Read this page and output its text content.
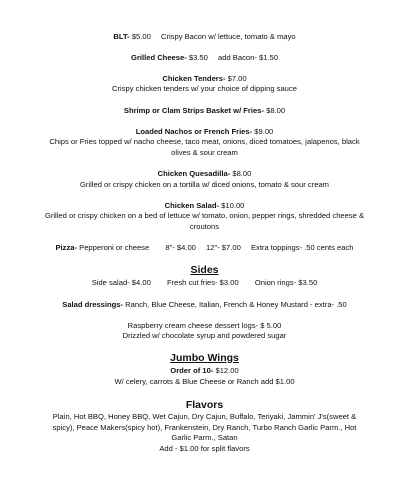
BLT- $5.00 Crispy Bacon w/ lettuce, tomato & mayo
Grilled Cheese- $3.50 add Bacon- $1.50
Chicken Tenders- $7.00
Crispy chicken tenders w/ your choice of dipping sauce
Shrimp or Clam Strips Basket w/ Fries- $8.00
Loaded Nachos or French Fries- $9.00
Chips or Fries topped w/ nacho cheese, taco meat, onions, diced tomatoes, jalapenos, black olives & sour cream
Chicken Quesadilla- $8.00
Grilled or crispy chicken on a tortilla w/ diced onions, tomato & sour cream
Chicken Salad- $10.00
Grilled or crispy chicken on a bed of lettuce w/ tomato, onion, pepper rings, shredded cheese & croutons
Pizza- Pepperoni or cheese 8"- $4.00 12"- $7.00 Extra toppings- .50 cents each
Sides
Side salad- $4.00 Fresh cut fries- $3.00 Onion rings- $3.50
Salad dressings- Ranch, Blue Cheese, Italian, French & Honey Mustard - extra- .50
Raspberry cream cheese dessert logs- $ 5.00
Drizzled w/ chocolate syrup and powdered sugar
Jumbo Wings
Order of 10- $12.00
W/ celery, carrots & Blue Cheese or Ranch add $1.00
Flavors
Plain, Hot BBQ, Honey BBQ, Wet Cajun, Dry Cajun, Buffalo, Teriyaki, Jammin' J's(sweet & spicy), Peace Makers(spicy hot), Frankenstein, Dry Ranch, Turbo Ranch Garlic Parm., Hot Garlic Parm., Satan
Add - $1.00 for split flavors
